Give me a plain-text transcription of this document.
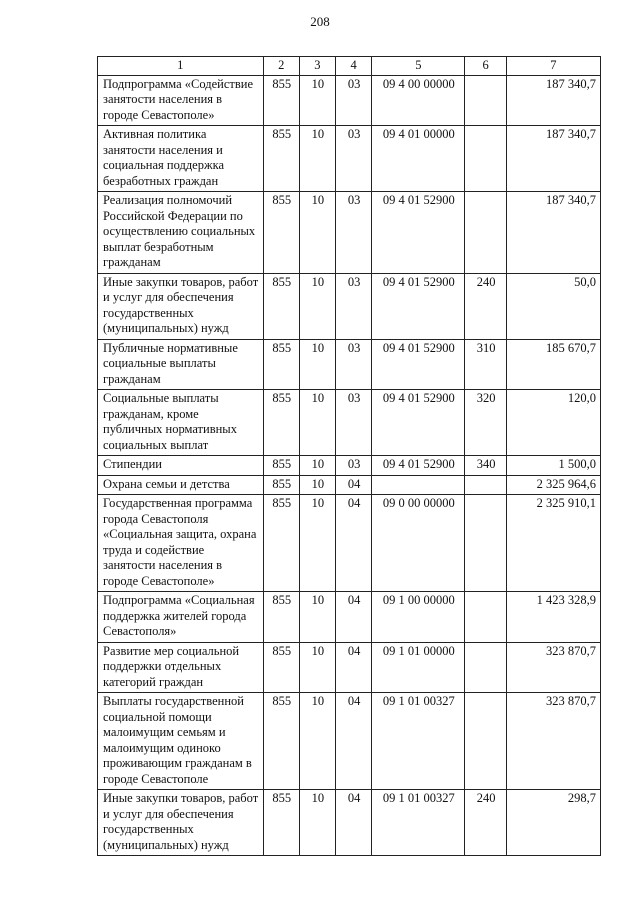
208
1	2	3	4	5	6	7
Подпрограмма «Содействие занятости населения в городе Севастополе»	855	10	03	09 4 00 00000		187 340,7
Активная политика занятости населения и социальная поддержка безработных граждан	855	10	03	09 4 01 00000		187 340,7
Реализация полномочий Российской Федерации по осуществлению социальных выплат безработным гражданам	855	10	03	09 4 01 52900		187 340,7
Иные закупки товаров, работ и услуг для обеспечения государственных (муниципальных) нужд	855	10	03	09 4 01 52900	240	50,0
Публичные нормативные социальные выплаты гражданам	855	10	03	09 4 01 52900	310	185 670,7
Социальные выплаты гражданам, кроме публичных нормативных социальных выплат	855	10	03	09 4 01 52900	320	120,0
Стипендии	855	10	03	09 4 01 52900	340	1 500,0
Охрана семьи и детства	855	10	04			2 325 964,6
Государственная программа города Севастополя «Социальная защита, охрана труда и содействие занятости населения в городе Севастополе»	855	10	04	09 0 00 00000		2 325 910,1
Подпрограмма «Социальная поддержка жителей города Севастополя»	855	10	04	09 1 00 00000		1 423 328,9
Развитие мер социальной поддержки отдельных категорий граждан	855	10	04	09 1 01 00000		323 870,7
Выплаты государственной социальной помощи малоимущим семьям и малоимущим одиноко проживающим гражданам в городе Севастополе	855	10	04	09 1 01 00327		323 870,7
Иные закупки товаров, работ и услуг для обеспечения государственных (муниципальных) нужд	855	10	04	09 1 01 00327	240	298,7
